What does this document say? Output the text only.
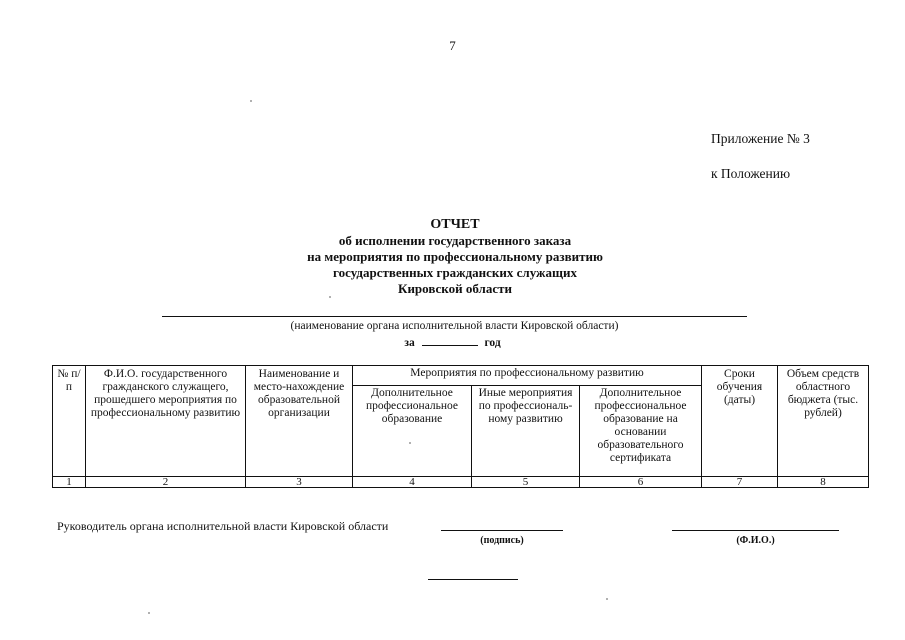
7
Приложение № 3
к Положению
ОТЧЕТ
об исполнении государственного заказа
на мероприятия по профессиональному развитию
государственных гражданских служащих
Кировской области
(наименование органа исполнительной власти Кировской области)
за	год
№ п/п	Ф.И.О. государственного гражданского служащего, прошедшего мероприятия по профессиональному развитию	Наименование и место-нахождение образовательной организации	Мероприятия по профессиональному развитию			Сроки обучения (даты)	Объем средств областного бюджета (тыс. рублей)
			Дополнительное профессиональное образование	Иные мероприятия по профессиональ-ному развитию	Дополнительное профессиональное образование на основании образовательного сертификата		
1	2	3	4	5	6	7	8
Руководитель органа исполнительной власти Кировской области
(подпись)	(Ф.И.О.)
